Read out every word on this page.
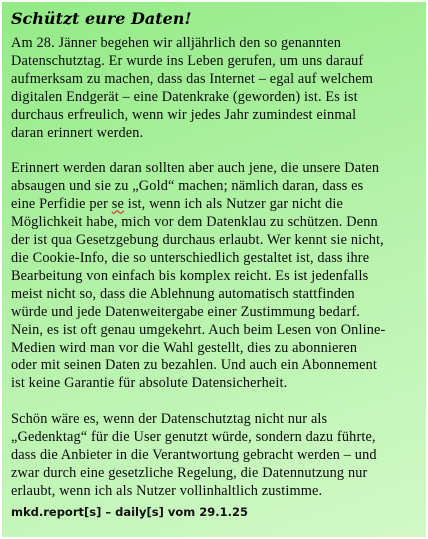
Schützt eure Daten!
Am 28. Jänner begehen wir alljährlich den so genannten
Datenschutztag. Er wurde ins Leben gerufen, um uns darauf
aufmerksam zu machen, dass das Internet – egal auf welchem
digitalen Endgerät – eine Datenkrake (geworden) ist. Es ist
durchaus erfreulich, wenn wir jedes Jahr zumindest einmal
daran erinnert werden.
Erinnert werden daran sollten aber auch jene, die unsere Daten
absaugen und sie zu „Gold“ machen; nämlich daran, dass es
eine Perfidie per se ist, wenn ich als Nutzer gar nicht die
Möglichkeit habe, mich vor dem Datenklau zu schützen. Denn
der ist qua Gesetzgebung durchaus erlaubt. Wer kennt sie nicht,
die Cookie-Info, die so unterschiedlich gestaltet ist, dass ihre
Bearbeitung von einfach bis komplex reicht. Es ist jedenfalls
meist nicht so, dass die Ablehnung automatisch stattfinden
würde und jede Datenweitergabe einer Zustimmung bedarf.
Nein, es ist oft genau umgekehrt. Auch beim Lesen von Online-
Medien wird man vor die Wahl gestellt, dies zu abonnieren
oder mit seinen Daten zu bezahlen. Und auch ein Abonnement
ist keine Garantie für absolute Datensicherheit.
Schön wäre es, wenn der Datenschutztag nicht nur als
„Gedenktag“ für die User genutzt würde, sondern dazu führte,
dass die Anbieter in die Verantwortung gebracht werden – und
zwar durch eine gesetzliche Regelung, die Datennutzung nur
erlaubt, wenn ich als Nutzer vollinhaltlich zustimme.
mkd.report[s] – daily[s] vom 29.1.25
